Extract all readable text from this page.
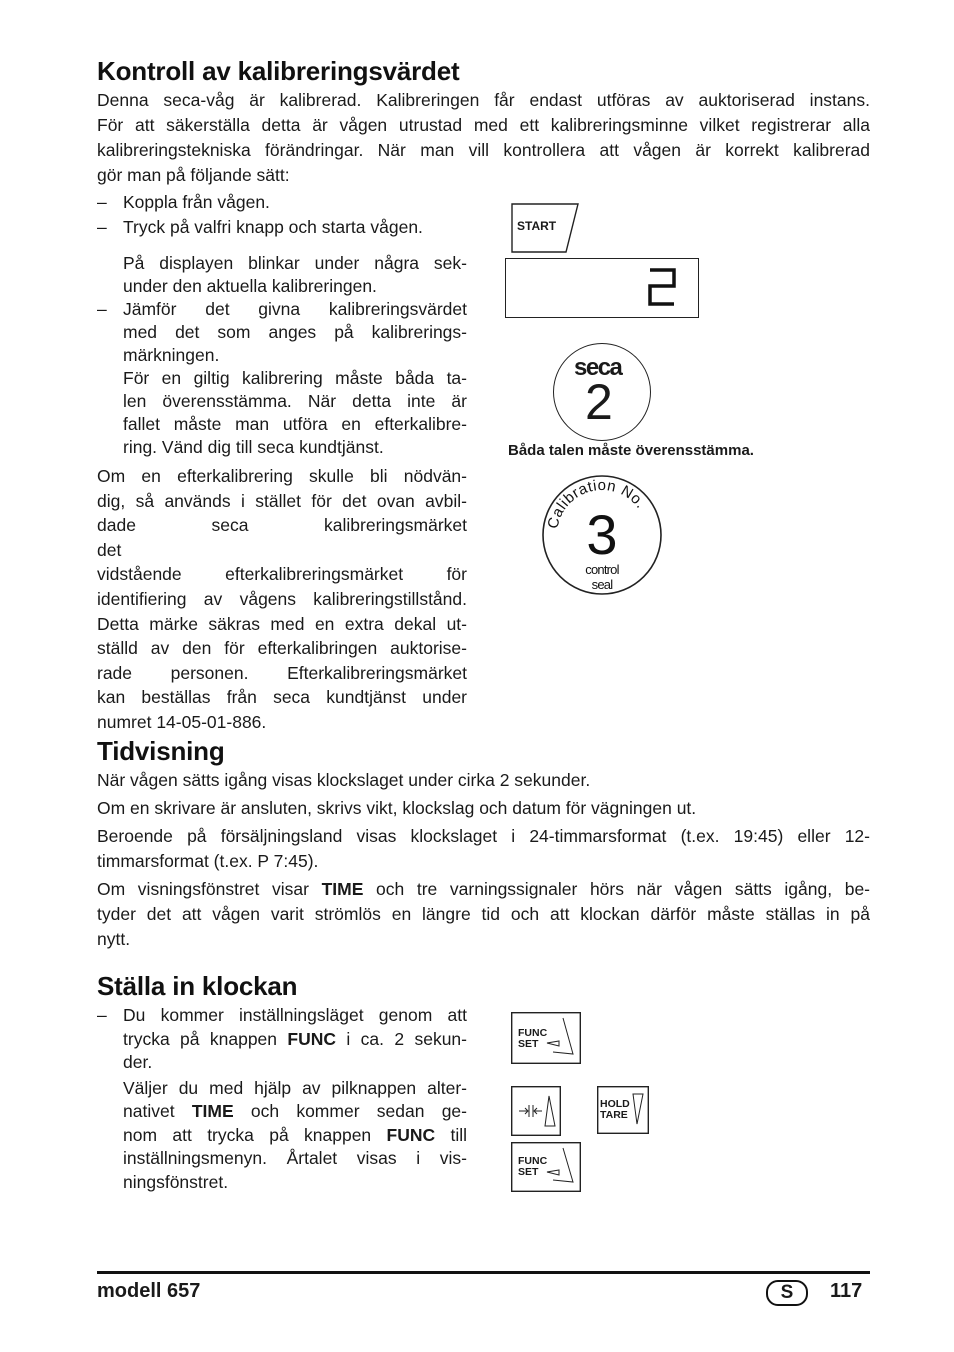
Kontroll av kalibreringsvärdet
Denna seca-våg är kalibrerad. Kalibreringen får endast utföras av auktoriserad instans.
För att säkerställa detta är vågen utrustad med ett kalibreringsminne vilket registrerar alla
kalibreringstekniska förändringar. När man vill kontrollera att vågen är korrekt kalibrerad
gör man på följande sätt:
– Koppla från vågen.
– Tryck på valfri knapp och starta vågen.
På displayen blinkar under några sek-
under den aktuella kalibreringen.
– Jämför det givna kalibreringsvärdet
med det som anges på kalibrerings-
märkningen.
För en giltig kalibrering måste båda ta-
len överensstämma. När detta inte är
fallet måste man utföra en efterkalibre-
ring. Vänd dig till seca kundtjänst.
Om en efterkalibrering skulle bli nödvän-
dig, så används i stället för det ovan avbil-
dade seca kalibreringsmärket det
vidstående efterkalibreringsmärket för
identifiering av vågens kalibreringstillstånd.
Detta märke säkras med en extra dekal ut-
ställd av den för efterkalibringen auktorise-
rade personen. Efterkalibreringsmärket
kan beställas från seca kundtjänst under
numret 14-05-01-886.
START
seca
2
Båda talen måste överensstämma.
Calibration No.
3
control
seal
Tidvisning

När vågen sätts igång visas klockslaget under cirka 2 sekunder.

Om en skrivare är ansluten, skrivs vikt, klockslag och datum för vägningen ut.

Beroende på försäljningsland visas klockslaget i 24-timmarsformat (t.ex. 19:45) eller 12-
timmarsformat (t.ex. P 7:45).
Om visningsfönstret visar TIME och tre varningssignaler hörs när vågen sätts igång, be-
tyder det att vågen varit strömlös en längre tid och att klockan därför måste ställas in på
nytt.
Ställa in klockan
– Du kommer inställningsläget genom att
trycka på knappen FUNC i ca. 2 sekun-
der.
Väljer du med hjälp av pilknappen alter-
nativet TIME och kommer sedan ge-
nom att trycka på knappen FUNC till
inställningsmenyn. Årtalet visas i vis-
ningsfönstret.
FUNC
SET
HOLD
TARE
FUNC
SET
modell 657	S	117
